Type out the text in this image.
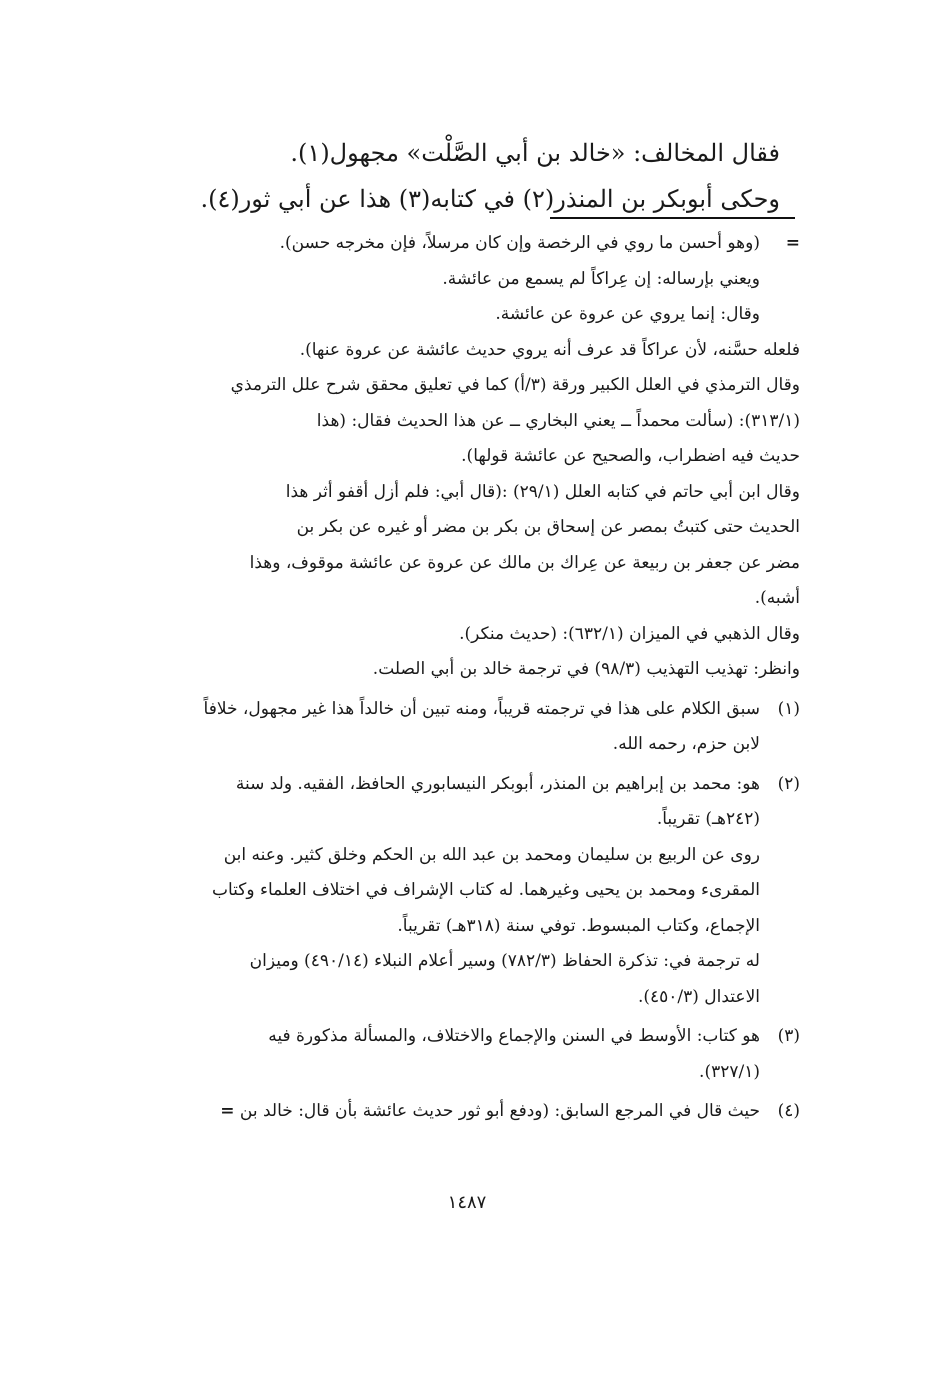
فقال المخالف: «خالد بن أبي الصَّلْت» مجهول(١).
وحكى أبوبكر بن المنذر(٢) في كتابه(٣) هذا عن أبي ثور(٤).
=(وهو أحسن ما روي في الرخصة وإن كان مرسلاً، فإن مخرجه حسن).
ويعني بإرساله: إن عِراكاً لم يسمع من عائشة.
وقال: إنما يروي عن عروة عن عائشة.
فلعله حسَّنه، لأن عراكاً قد عرف أنه يروي حديث عائشة عن عروة عنها).
وقال الترمذي في العلل الكبير ورقة (٣/أ) كما في تعليق محقق شرح علل الترمذي
(٣١٣/١): (سألت محمداً ــ يعني البخاري ــ عن هذا الحديث فقال: (هذا
حديث فيه اضطراب، والصحيح عن عائشة قولها).
وقال ابن أبي حاتم في كتابه العلل (٢٩/١) :(قال أبي: فلم أزل أقفو أثر هذا
الحديث حتى كتبتُ بمصر عن إسحاق بن بكر بن مضر أو غيره عن بكر بن
مضر عن جعفر بن ربيعة عن عِراك بن مالك عن عروة عن عائشة موقوف، وهذا
أشبه).
وقال الذهبي في الميزان (٦٣٢/١): (حديث منكر).
وانظر: تهذيب التهذيب (٩٨/٣) في ترجمة خالد بن أبي الصلت.
(١)سبق الكلام على هذا في ترجمته قريباً، ومنه تبين أن خالداً هذا غير مجهول، خلافاً
لابن حزم، رحمه الله.
(٢)هو: محمد بن إبراهيم بن المنذر، أبوبكر النيسابوري الحافظ، الفقيه. ولد سنة
(٢٤٢هـ) تقريباً.
روى عن الربيع بن سليمان ومحمد بن عبد الله بن الحكم وخلق كثير. وعنه ابن
المقرىء ومحمد بن يحيى وغيرهما. له كتاب الإشراف في اختلاف العلماء وكتاب
الإجماع، وكتاب المبسوط. توفي سنة (٣١٨هـ) تقريباً.
له ترجمة في: تذكرة الحفاظ (٧٨٢/٣) وسير أعلام النبلاء (٤٩٠/١٤) وميزان
الاعتدال (٤٥٠/٣).
(٣)هو كتاب: الأوسط في السنن والإجماع والاختلاف، والمسألة مذكورة فيه
(٣٢٧/١).
(٤)حيث قال في المرجع السابق: (ودفع أبو ثور حديث عائشة بأن قال: خالد بن =
١٤٨٧
